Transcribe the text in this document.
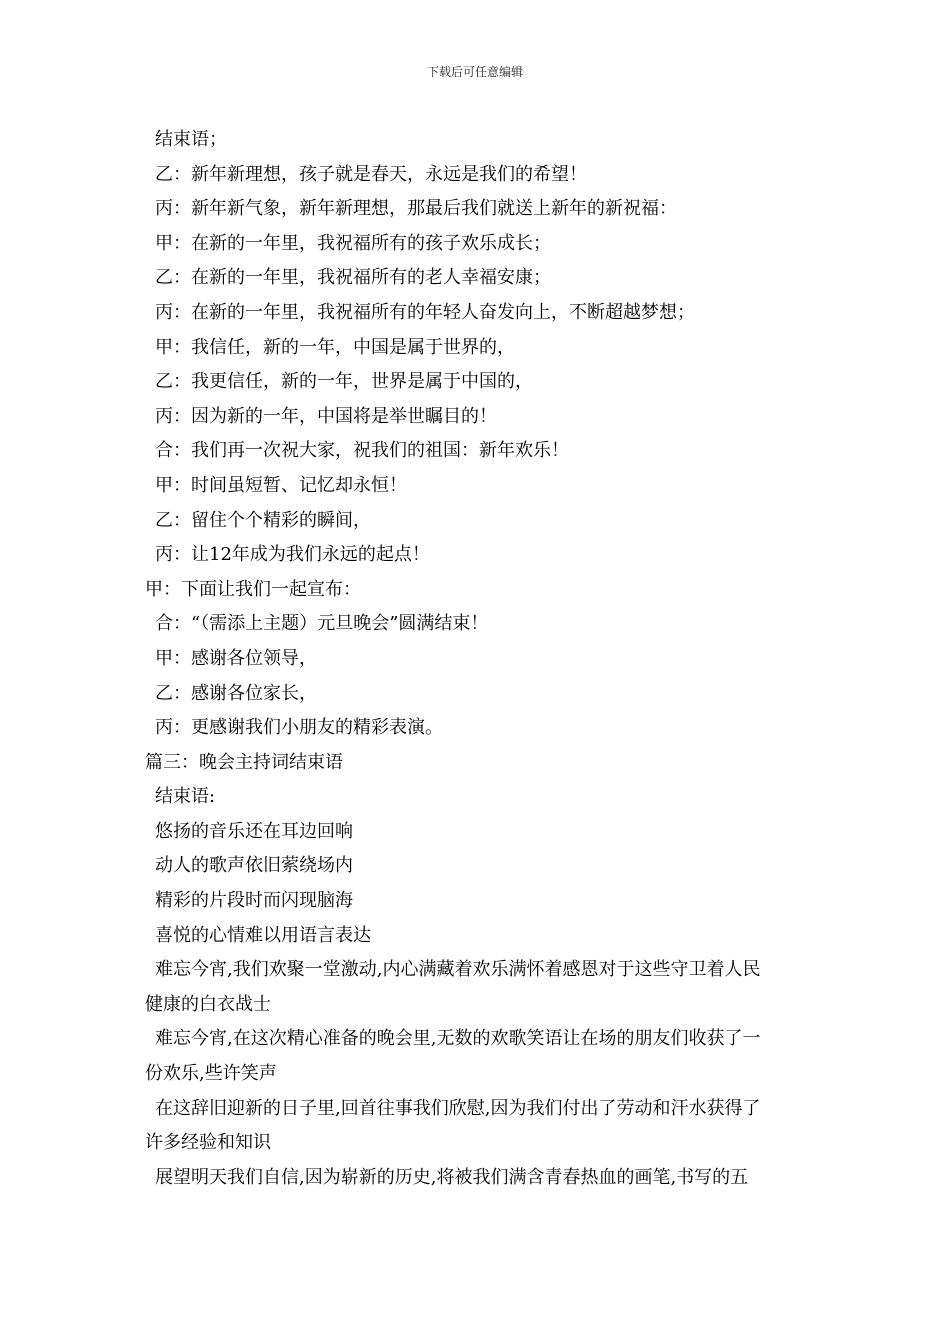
下载后可任意编辑
结束语；
乙：新年新理想，孩子就是春天，永远是我们的希望！
丙：新年新气象，新年新理想，那最后我们就送上新年的新祝福：
甲：在新的一年里，我祝福所有的孩子欢乐成长；
乙：在新的一年里，我祝福所有的老人幸福安康；
丙：在新的一年里，我祝福所有的年轻人奋发向上，不断超越梦想；
甲：我信任，新的一年，中国是属于世界的，
乙：我更信任，新的一年，世界是属于中国的，
丙：因为新的一年，中国将是举世瞩目的！
合：我们再一次祝大家，祝我们的祖国：新年欢乐！
甲：时间虽短暂、记忆却永恒！
乙：留住个个精彩的瞬间，
丙：让12年成为我们永远的起点！
甲：下面让我们一起宣布：
合：“（需添上主题）元旦晚会”圆满结束！
甲：感谢各位领导，
乙：感谢各位家长，
丙：更感谢我们小朋友的精彩表演。
篇三：晚会主持词结束语
结束语:
悠扬的音乐还在耳边回响
动人的歌声依旧萦绕场内
精彩的片段时而闪现脑海
喜悦的心情难以用语言表达
难忘今宵,我们欢聚一堂激动,内心满藏着欢乐满怀着感恩对于这些守卫着人民
健康的白衣战士
难忘今宵,在这次精心准备的晚会里,无数的欢歌笑语让在场的朋友们收获了一
份欢乐,些许笑声
在这辞旧迎新的日子里,回首往事我们欣慰,因为我们付出了劳动和汗水获得了
许多经验和知识
展望明天我们自信,因为崭新的历史,将被我们满含青春热血的画笔,书写的五
